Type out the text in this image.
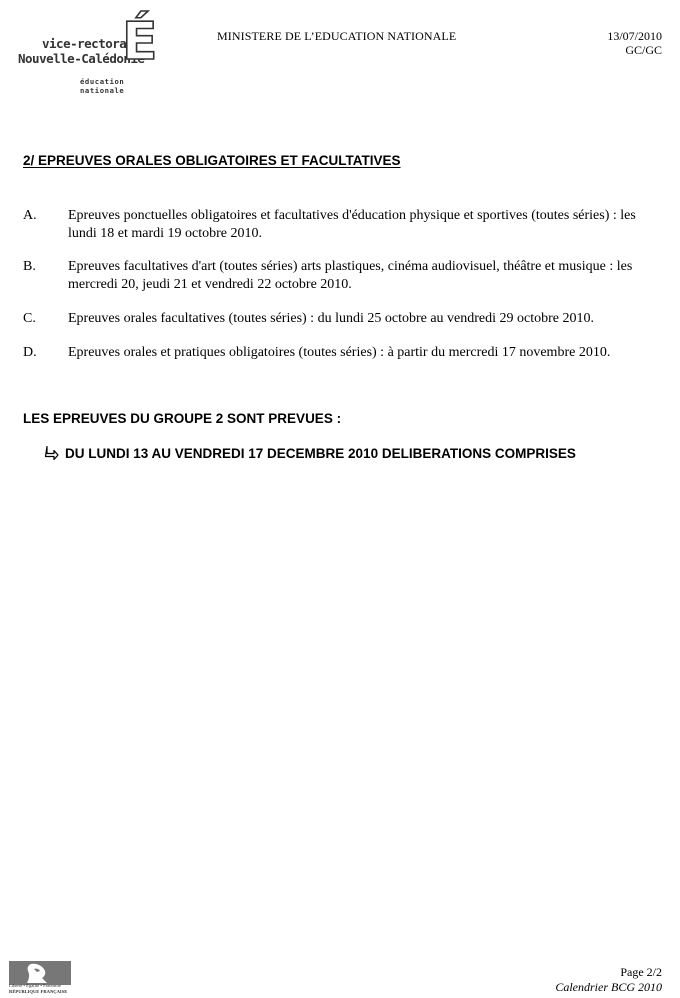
vice-rectorat
Nouvelle-Calédonie
É
éducation
nationale
MINISTERE DE L’EDUCATION NATIONALE	13/07/2010
GC/GC
2/ EPREUVES ORALES OBLIGATOIRES ET FACULTATIVES
A. Epreuves ponctuelles obligatoires et facultatives d'éducation physique et sportives (toutes séries) : les lundi 18 et mardi 19 octobre 2010.
B. Epreuves facultatives d'art (toutes séries) arts plastiques, cinéma audiovisuel, théâtre et musique : les mercredi 20, jeudi 21 et vendredi 22 octobre 2010.
C. Epreuves orales facultatives (toutes séries) : du lundi 25 octobre au vendredi 29 octobre 2010.
D. Epreuves orales et pratiques obligatoires (toutes séries) : à partir du mercredi 17 novembre 2010.
LES EPREUVES DU GROUPE 2 SONT PREVUES :
DU LUNDI 13 AU VENDREDI 17 DECEMBRE 2010 DELIBERATIONS COMPRISES
Liberté • Égalité • Fraternité
RÉPUBLIQUE FRANÇAISE
Page 2/2
Calendrier BCG 2010
